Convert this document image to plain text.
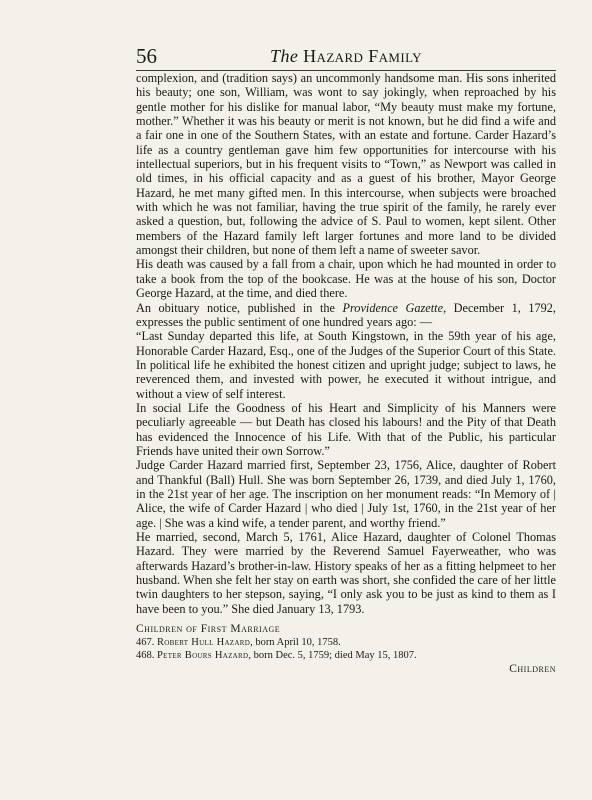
56	The Hazard Family

complexion, and (tradition says) an uncommonly handsome man. His sons inherited his beauty; one son, William, was wont to say jokingly, when reproached by his gentle mother for his dislike for manual labor, “My beauty must make my fortune, mother.” Whether it was his beauty or merit is not known, but he did find a wife and a fair one in one of the Southern States, with an estate and fortune. Carder Hazard’s life as a country gentleman gave him few opportunities for intercourse with his intellectual superiors, but in his frequent visits to “Town,” as Newport was called in old times, in his official capacity and as a guest of his brother, Mayor George Hazard, he met many gifted men. In this intercourse, when subjects were broached with which he was not familiar, having the true spirit of the family, he rarely ever asked a question, but, following the advice of S. Paul to women, kept silent. Other members of the Hazard family left larger fortunes and more land to be divided amongst their children, but none of them left a name of sweeter savor.

His death was caused by a fall from a chair, upon which he had mounted in order to take a book from the top of the bookcase. He was at the house of his son, Doctor George Hazard, at the time, and died there.

An obituary notice, published in the Providence Gazette, December 1, 1792, expresses the public sentiment of one hundred years ago: —

“Last Sunday departed this life, at South Kingstown, in the 59th year of his age, Honorable Carder Hazard, Esq., one of the Judges of the Superior Court of this State. In political life he exhibited the honest citizen and upright judge; subject to laws, he reverenced them, and invested with power, he executed it without intrigue, and without a view of self interest.

In social Life the Goodness of his Heart and Simplicity of his Manners were peculiarly agreeable — but Death has closed his labours! and the Pity of that Death has evidenced the Innocence of his Life. With that of the Public, his particular Friends have united their own Sorrow.”

Judge Carder Hazard married first, September 23, 1756, Alice, daughter of Robert and Thankful (Ball) Hull. She was born September 26, 1739, and died July 1, 1760, in the 21st year of her age. The inscription on her monument reads: “In Memory of | Alice, the wife of Carder Hazard | who died | July 1st, 1760, in the 21st year of her age. | She was a kind wife, a tender parent, and worthy friend.”

He married, second, March 5, 1761, Alice Hazard, daughter of Colonel Thomas Hazard. They were married by the Reverend Samuel Fayerweather, who was afterwards Hazard’s brother-in-law. History speaks of her as a fitting helpmeet to her husband. When she felt her stay on earth was short, she confided the care of her little twin daughters to her stepson, saying, “I only ask you to be just as kind to them as I have been to you.” She died January 13, 1793.

Children of First Marriage
467. Robert Hull Hazard, born April 10, 1758.
468. Peter Bours Hazard, born Dec. 5, 1759; died May 15, 1807.
Children
